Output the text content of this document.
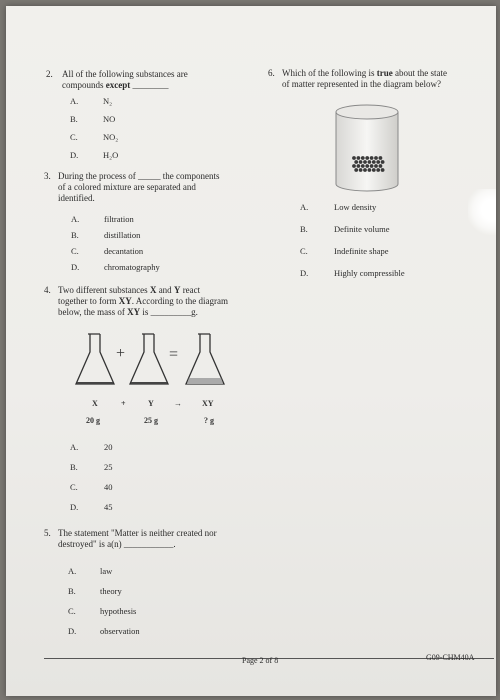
2. All of the following substances are
compounds except ________
A.	N₂
B.	NO
C.	NO₂
D.	H₂O
3. During the process of _____ the components
of a colored mixture are separated and
identified.
A.	filtration
B.	distillation
C.	decantation
D.	chromatography
4. Two different substances X and Y react
together to form XY. According to the diagram
below, the mass of XY is _________g.
+	=
X	+	Y	→	XY
20 g	25 g	? g
A.	20
B.	25
C.	40
D.	45
5. The statement "Matter is neither created nor
destroyed" is a(n) ___________.
A.	law
B.	theory
C.	hypothesis
D.	observation
6. Which of the following is true about the state
of matter represented in the diagram below?
A.	Low density
B.	Definite volume
C.	Indefinite shape
D.	Highly compressible
Page 2 of 8	G09-CHM40A
